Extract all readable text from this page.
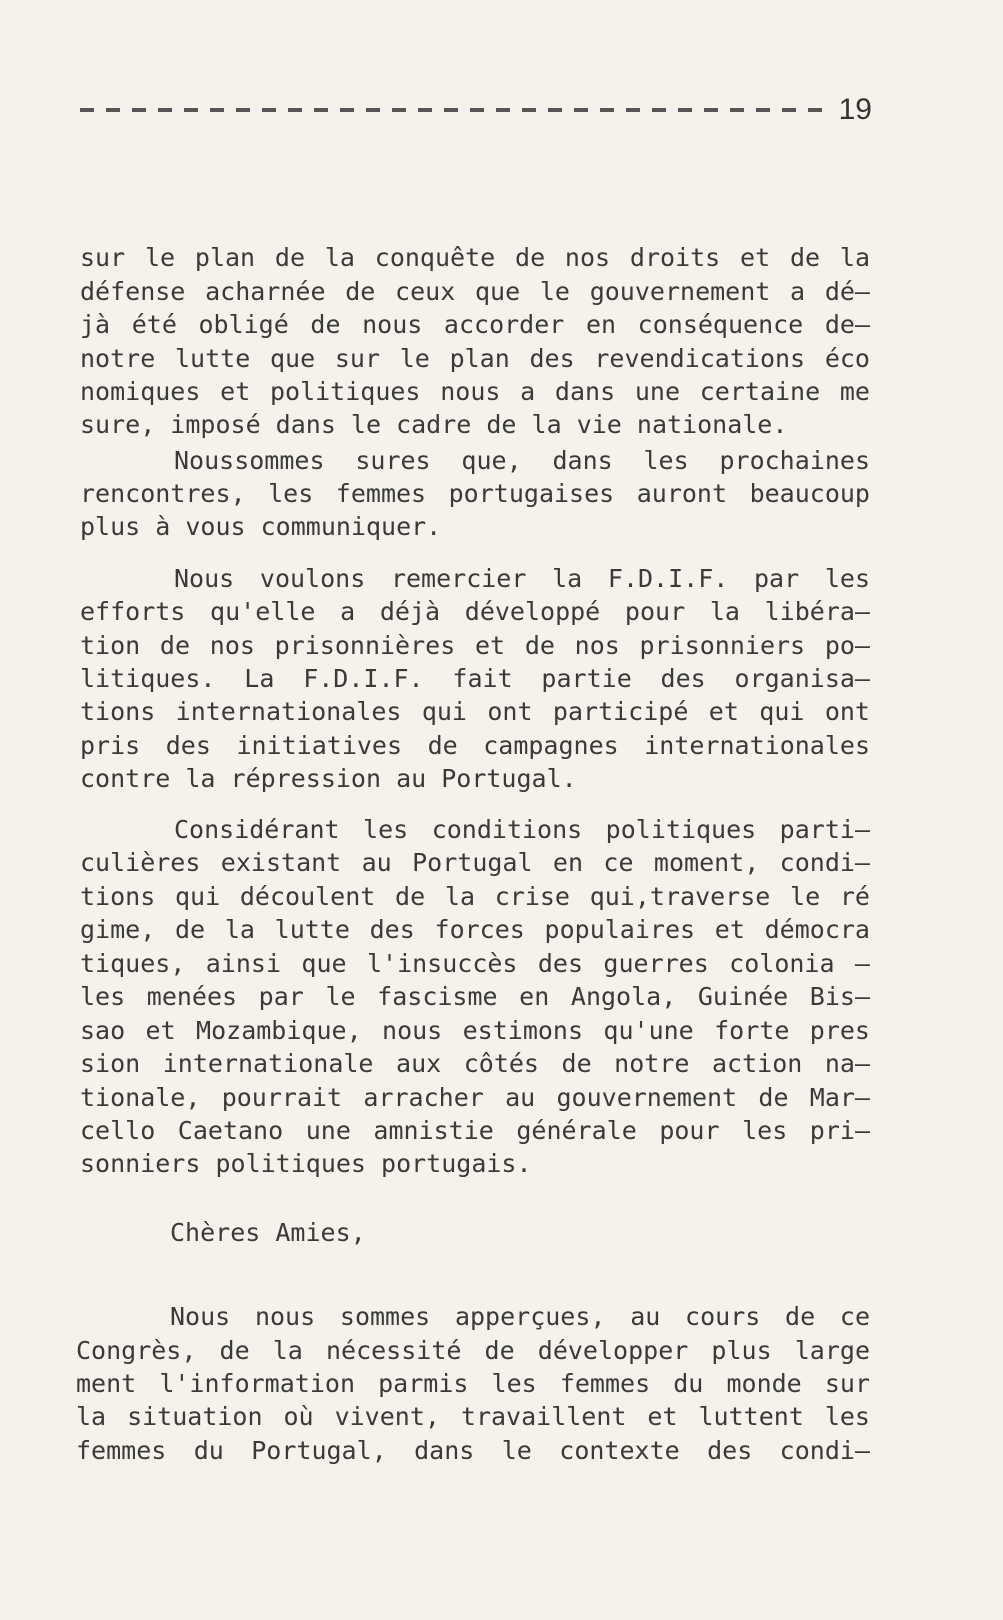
19
sur le plan de la conquête de nos droits et de la
défense acharnée de ceux que le gouvernement a dé–
jà été obligé de nous accorder en conséquence de–
notre lutte que sur le plan des revendications éco
nomiques et politiques nous a dans une certaine me
sure, imposé dans le cadre de la vie nationale.
Noussommes sures que, dans les prochaines
rencontres, les femmes portugaises auront beaucoup
plus à vous communiquer.
Nous voulons remercier la F.D.I.F. par les
efforts qu'elle a déjà développé pour la libéra–
tion de nos prisonnières et de nos prisonniers po–
litiques. La F.D.I.F. fait partie des organisa–
tions internationales qui ont participé et qui ont
pris des initiatives de campagnes internationales
contre la répression au Portugal.
Considérant les conditions politiques parti–
culières existant au Portugal en ce moment, condi–
tions qui découlent de la crise qui,traverse le ré
gime, de la lutte des forces populaires et démocra
tiques, ainsi que l'insuccès des guerres colonia –
les menées par le fascisme en Angola, Guinée Bis–
sao et Mozambique, nous estimons qu'une forte pres
sion internationale aux côtés de notre action na–
tionale, pourrait arracher au gouvernement de Mar–
cello Caetano une amnistie générale pour les pri–
sonniers politiques portugais.
Chères Amies,
Nous nous sommes apperçues, au cours de ce
Congrès, de la nécessité de développer plus large
ment l'information parmis les femmes du monde sur
la situation où vivent, travaillent et luttent les
femmes du Portugal, dans le contexte des condi–
